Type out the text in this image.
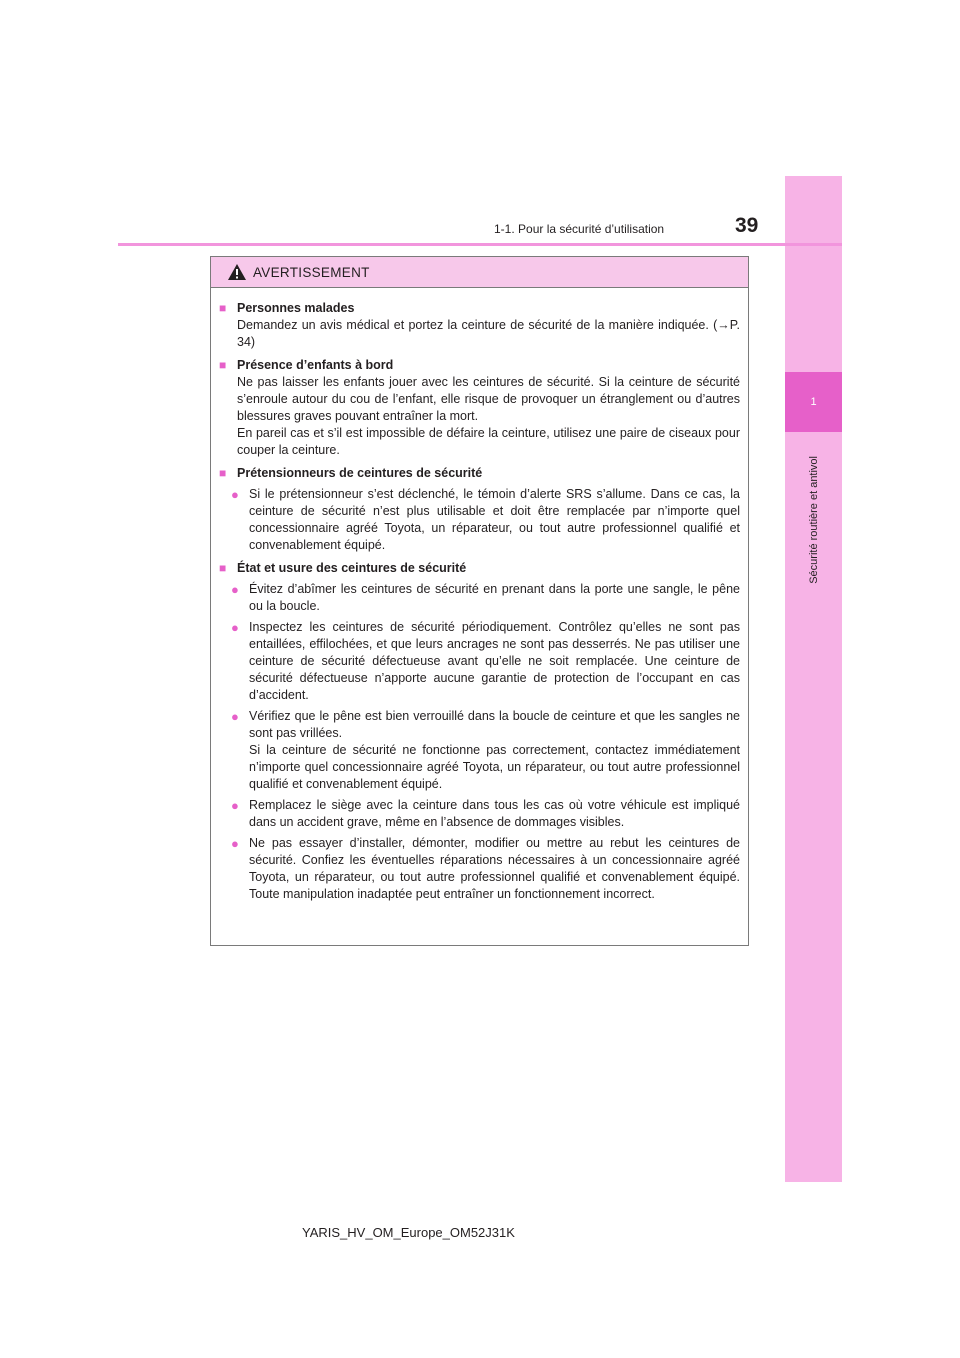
1
Sécurité routière et antivol
1-1. Pour la sécurité d’utilisation	39
AVERTISSEMENT
■ Personnes malades
Demandez un avis médical et portez la ceinture de sécurité de la manière indiquée. (→P. 34)
■ Présence d’enfants à bord
Ne pas laisser les enfants jouer avec les ceintures de sécurité. Si la ceinture de sécurité s’enroule autour du cou de l’enfant, elle risque de provoquer un étranglement ou d’autres blessures graves pouvant entraîner la mort.
En pareil cas et s’il est impossible de défaire la ceinture, utilisez une paire de ciseaux pour couper la ceinture.
■ Prétensionneurs de ceintures de sécurité
● Si le prétensionneur s’est déclenché, le témoin d’alerte SRS s’allume. Dans ce cas, la ceinture de sécurité n’est plus utilisable et doit être remplacée par n’importe quel concessionnaire agréé Toyota, un réparateur, ou tout autre professionnel qualifié et convenablement équipé.
■ État et usure des ceintures de sécurité
● Évitez d’abîmer les ceintures de sécurité en prenant dans la porte une sangle, le pêne ou la boucle.
● Inspectez les ceintures de sécurité périodiquement. Contrôlez qu’elles ne sont pas entaillées, effilochées, et que leurs ancrages ne sont pas desserrés. Ne pas utiliser une ceinture de sécurité défectueuse avant qu’elle ne soit remplacée. Une ceinture de sécurité défectueuse n’apporte aucune garantie de protection de l’occupant en cas d’accident.
● Vérifiez que le pêne est bien verrouillé dans la boucle de ceinture et que les sangles ne sont pas vrillées.
Si la ceinture de sécurité ne fonctionne pas correctement, contactez immédiatement n’importe quel concessionnaire agréé Toyota, un réparateur, ou tout autre professionnel qualifié et convenablement équipé.
● Remplacez le siège avec la ceinture dans tous les cas où votre véhicule est impliqué dans un accident grave, même en l’absence de dommages visibles.
● Ne pas essayer d’installer, démonter, modifier ou mettre au rebut les ceintures de sécurité. Confiez les éventuelles réparations nécessaires à un concessionnaire agréé Toyota, un réparateur, ou tout autre professionnel qualifié et convenablement équipé. Toute manipulation inadaptée peut entraîner un fonctionnement incorrect.
YARIS_HV_OM_Europe_OM52J31K
